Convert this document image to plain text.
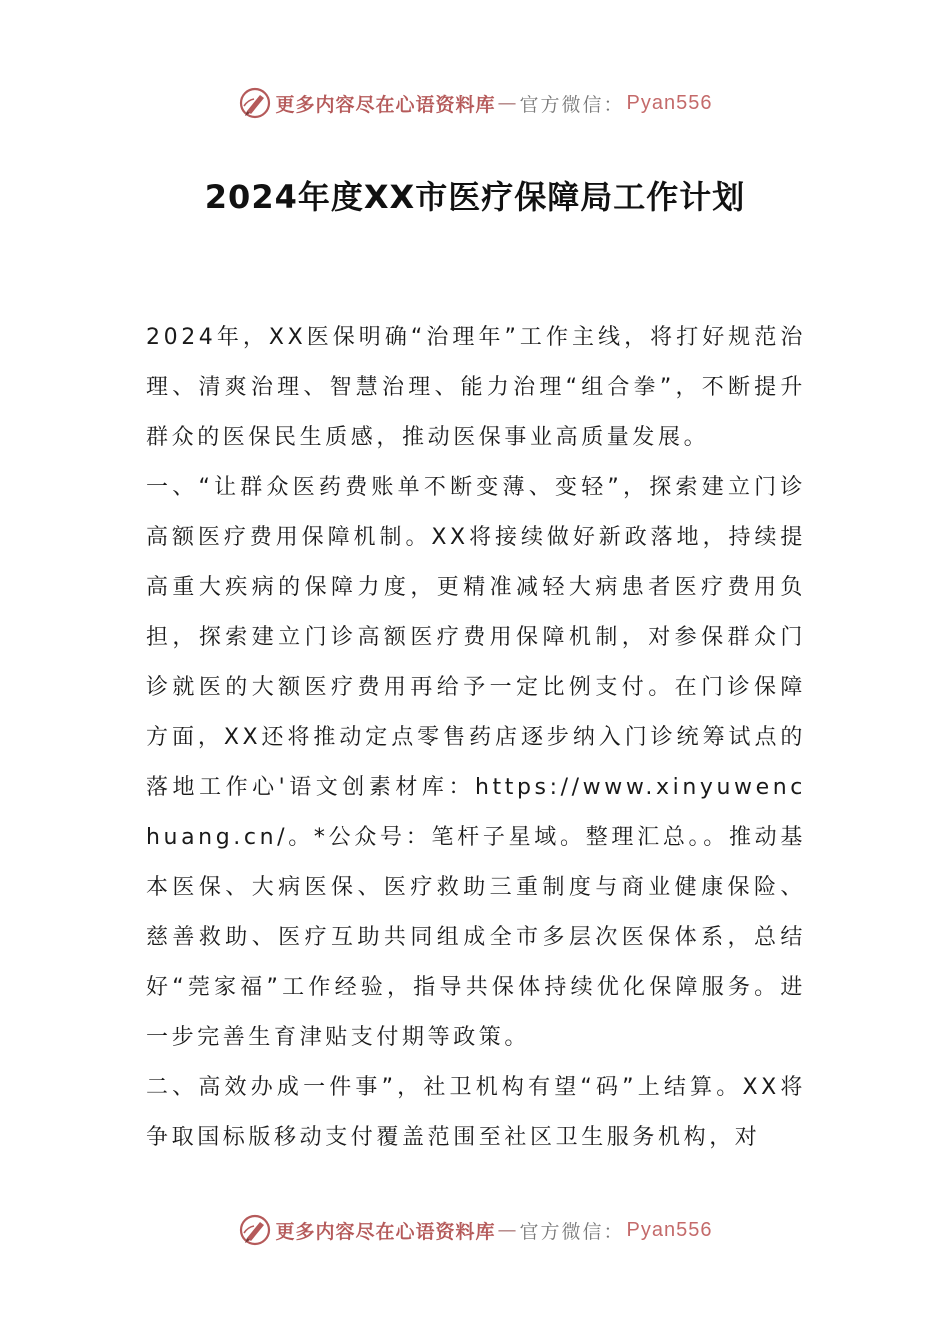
更多内容尽在心语资料库 — 官方微信： Pyan556
2024年度XX市医疗保障局工作计划

2024年，XX医保明确“治理年”工作主线，将打好规范治理、清爽治理、智慧治理、能力治理“组合拳”，不断提升群众的医保民生质感，推动医保事业高质量发展。

一、“让群众医药费账单不断变薄、变轻”，探索建立门诊高额医疗费用保障机制。XX将接续做好新政落地，持续提高重大疾病的保障力度，更精准减轻大病患者医疗费用负担，探索建立门诊高额医疗费用保障机制，对参保群众门诊就医的大额医疗费用再给予一定比例支付。在门诊保障方面，XX还将推动定点零售药店逐步纳入门诊统筹试点的落地工作心'语文创素材库：https://www.xinyuwenchuang.cn/。*公众号：笔杆子星域。整理汇总。。推动基本医保、大病医保、医疗救助三重制度与商业健康保险、慈善救助、医疗互助共同组成全市多层次医保体系，总结好“莞家福”工作经验，指导共保体持续优化保障服务。进一步完善生育津贴支付期等政策。

二、高效办成一件事”，社卫机构有望“码”上结算。XX将争取国标版移动支付覆盖范围至社区卫生服务机构，对

更多内容尽在心语资料库 — 官方微信： Pyan556
